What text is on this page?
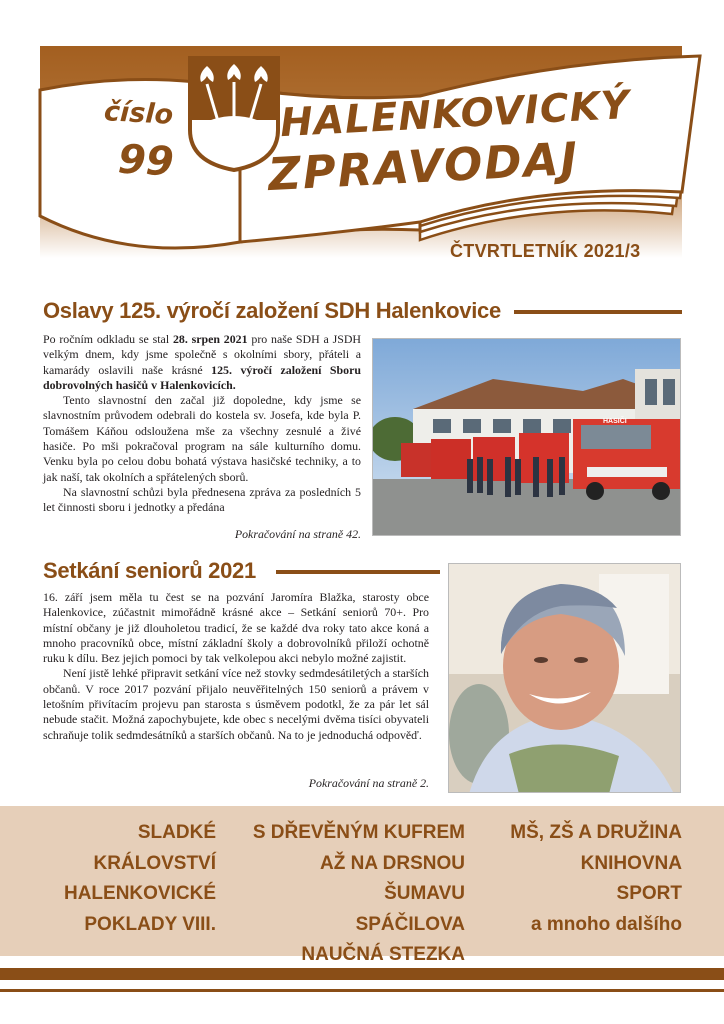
číslo
99
HALENKOVICKÝ
ZPRAVODAJ
ČTVRTLETNÍK 2021/3
Oslavy 125. výročí založení SDH Halenkovice

Po ročním odkladu se stal 28. srpen 2021 pro naše SDH a JSDH velkým dnem, kdy jsme společně s okolními sbory, přáteli a kamarády oslavili naše krásné 125. výročí založení Sboru dobrovolných hasičů v Halenkovicích.

Tento slavnostní den začal již dopoledne, kdy jsme se slavnostním průvodem odebrali do kostela sv. Josefa, kde byla P. Tomášem Káňou odsloužena mše za všechny zesnulé a živé hasiče. Po mši pokračoval program na sále kulturního domu. Venku byla po celou dobu bohatá výstava hasičské techniky, a to jak naší, tak okolních a spřátelených sborů.

Na slavnostní schůzi byla přednesena zpráva za posledních 5 let činnosti sboru i jednotky a předána

Pokračování na straně 42.
HASIČI
Setkání seniorů 2021

16. září jsem měla tu čest se na pozvání Jaromíra Blažka, starosty obce Halenkovice, zúčastnit mimořádně krásné akce – Setkání seniorů 70+. Pro místní občany je již dlouholetou tradicí, že se každé dva roky tato akce koná a mnoho pracovníků obce, místní základní školy a dobrovolníků přiloží ochotně ruku k dílu. Bez jejich pomoci by tak velkolepou akci nebylo možné zajistit.

Není jistě lehké připravit setkání více než stovky sedmdesátiletých a starších občanů. V roce 2017 pozvání přijalo neuvěřitelných 150 seniorů a právem v letošním přivítacím projevu pan starosta s úsměvem podotkl, že za pár let sál nebude stačit. Možná zapochybujete, kde obec s necelými dvěma tisíci obyvateli schraňuje tolik sedmdesátníků a starších občanů. Na to je jednoduchá odpověď.

Pokračování na straně 2.
SLADKÉ
KRÁLOVSTVÍ
HALENKOVICKÉ
POKLADY VIII.
S DŘEVĚNÝM KUFREM
AŽ NA DRSNOU ŠUMAVU
SPÁČILOVA
NAUČNÁ STEZKA
MŠ, ZŠ A DRUŽINA
KNIHOVNA
SPORT
a mnoho dalšího
